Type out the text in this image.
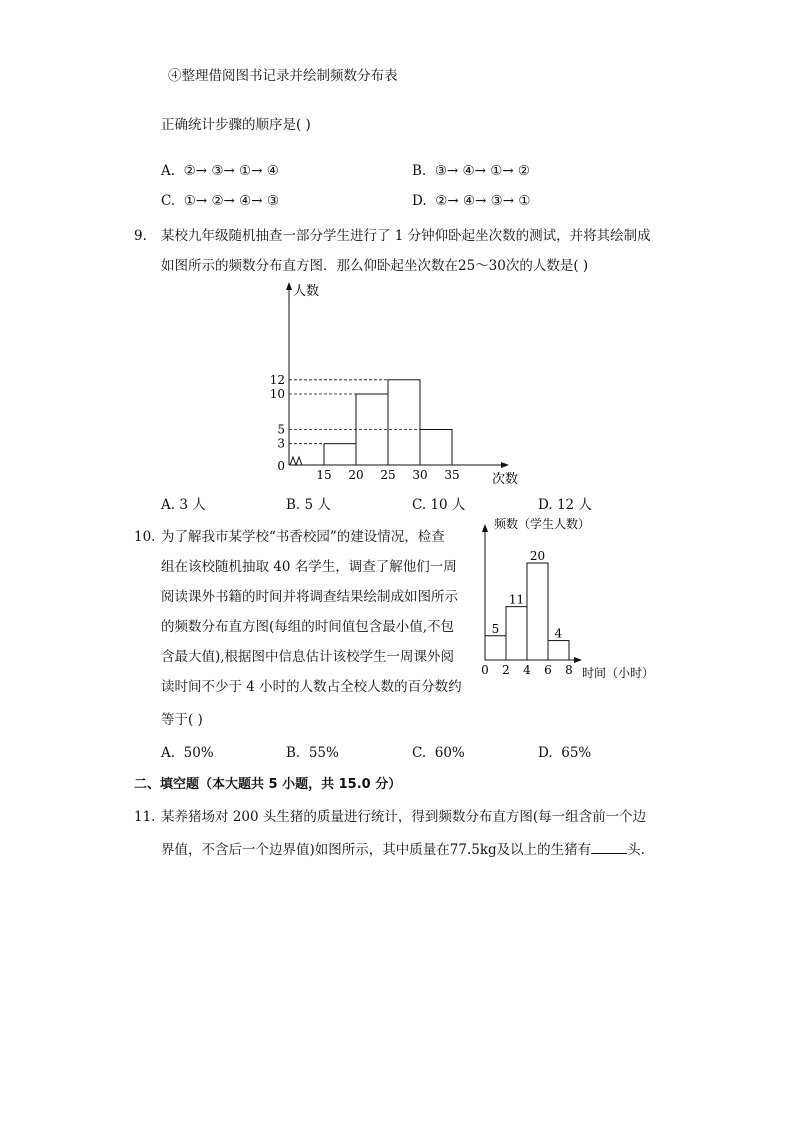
④整理借阅图书记录并绘制频数分布表
正确统计步骤的顺序是( )
A. ②→ ③→ ①→ ④	B. ③→ ④→ ①→ ②
C. ①→ ②→ ④→ ③	D. ②→ ④→ ③→ ①
9. 某校九年级随机抽查一部分学生进行了 1 分钟仰卧起坐次数的测试，并将其绘制成
如图所示的频数分布直方图．那么仰卧起坐次数在25～30次的人数是( )
人数
次数
0
3
5
10
12
15 20 25 30 35
A. 3 人	B. 5 人	C. 10 人	D. 12 人
10. 为了解我市某学校“书香校园”的建设情况，检查
组在该校随机抽取 40 名学生，调查了解他们一周
阅读课外书籍的时间并将调查结果绘制成如图所示
的频数分布直方图(每组的时间值包含最小值,不包
含最大值),根据图中信息估计该校学生一周课外阅
读时间不少于 4 小时的人数占全校人数的百分数约
等于( )
频数（学生人数）
时间（小时）
5
11
20
4
0 2 4 6 8
A. 50%	B. 55%	C. 60%	D. 65%
二、填空题（本大题共 5 小题，共 15.0 分）
11. 某养猪场对 200 头生猪的质量进行统计，得到频数分布直方图(每一组含前一个边
界值，不含后一个边界值)如图所示，其中质量在77.5kg及以上的生猪有	头.
